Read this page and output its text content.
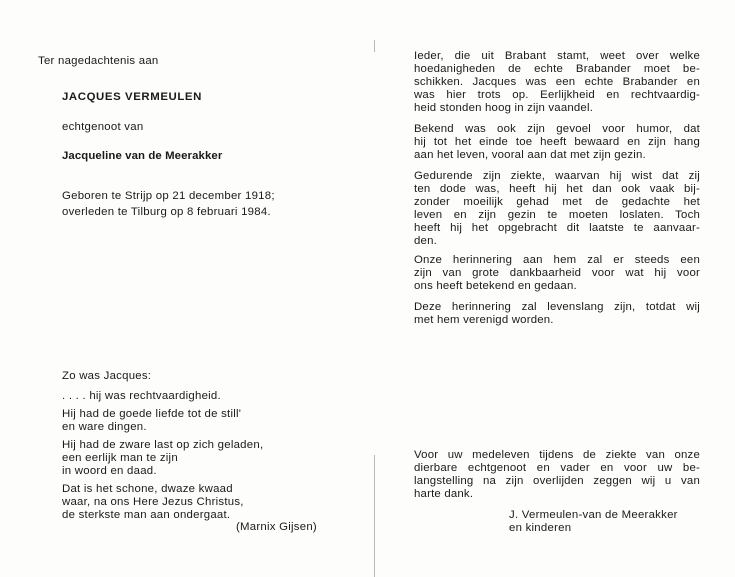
Ter nagedachtenis aan
JACQUES VERMEULEN
echtgenoot van
Jacqueline van de Meerakker
Geboren te Strijp op 21 december 1918;
overleden te Tilburg op 8 februari 1984.
Zo was Jacques:
. . . . hij was rechtvaardigheid.
Hij had de goede liefde tot de still'
en ware dingen.
Hij had de zware last op zich geladen,
een eerlijk man te zijn
in woord en daad.
Dat is het schone, dwaze kwaad
waar, na ons Here Jezus Christus,
de sterkste man aan ondergaat.
(Marnix Gijsen)
Ieder, die uit Brabant stamt, weet over welke
hoedanigheden de echte Brabander moet be-
schikken. Jacques was een echte Brabander en
was hier trots op. Eerlijkheid en rechtvaardig-
heid stonden hoog in zijn vaandel.
Bekend was ook zijn gevoel voor humor, dat
hij tot het einde toe heeft bewaard en zijn hang
aan het leven, vooral aan dat met zijn gezin.
Gedurende zijn ziekte, waarvan hij wist dat zij
ten dode was, heeft hij het dan ook vaak bij-
zonder moeilijk gehad met de gedachte het
leven en zijn gezin te moeten loslaten. Toch
heeft hij het opgebracht dit laatste te aanvaar-
den.
Onze herinnering aan hem zal er steeds een
zijn van grote dankbaarheid voor wat hij voor
ons heeft betekend en gedaan.
Deze herinnering zal levenslang zijn, totdat wij
met hem verenigd worden.
Voor uw medeleven tijdens de ziekte van onze
dierbare echtgenoot en vader en voor uw be-
langstelling na zijn overlijden zeggen wij u van
harte dank.
J. Vermeulen-van de Meerakker
en kinderen
